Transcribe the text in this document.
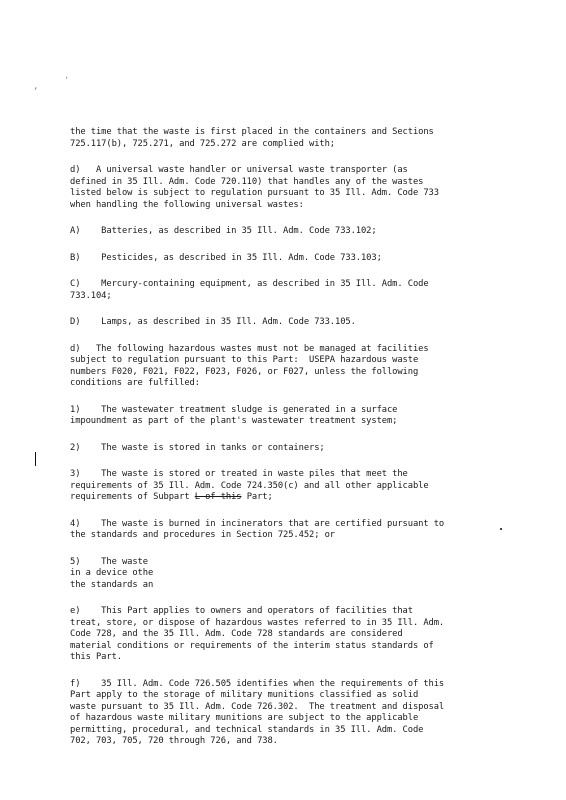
,
'
the time that the waste is first placed in the containers and Sections
725.117(b), 725.271, and 725.272 are complied with;
d)   A universal waste handler or universal waste transporter (as
defined in 35 Ill. Adm. Code 720.110) that handles any of the wastes
listed below is subject to regulation pursuant to 35 Ill. Adm. Code 733
when handling the following universal wastes:
A)    Batteries, as described in 35 Ill. Adm. Code 733.102;
B)    Pesticides, as described in 35 Ill. Adm. Code 733.103;
C)    Mercury-containing equipment, as described in 35 Ill. Adm. Code
733.104;
D)    Lamps, as described in 35 Ill. Adm. Code 733.105.
d)   The following hazardous wastes must not be managed at facilities
subject to regulation pursuant to this Part:  USEPA hazardous waste
numbers F020, F021, F022, F023, F026, or F027, unless the following
conditions are fulfilled:
1)    The wastewater treatment sludge is generated in a surface
impoundment as part of the plant's wastewater treatment system;
2)    The waste is stored in tanks or containers;
3)    The waste is stored or treated in waste piles that meet the
requirements of 35 Ill. Adm. Code 724.350(c) and all other applicable
requirements of Subpart L of this Part;
4)    The waste is burned in incinerators that are certified pursuant to
the standards and procedures in Section 725.452; or
5)    The waste
in a device othe
the standards an
e)    This Part applies to owners and operators of facilities that
treat, store, or dispose of hazardous wastes referred to in 35 Ill. Adm.
Code 728, and the 35 Ill. Adm. Code 728 standards are considered
material conditions or requirements of the interim status standards of
this Part.
f)    35 Ill. Adm. Code 726.505 identifies when the requirements of this
Part apply to the storage of military munitions classified as solid
waste pursuant to 35 Ill. Adm. Code 726.302.  The treatment and disposal
of hazardous waste military munitions are subject to the applicable
permitting, procedural, and technical standards in 35 Ill. Adm. Code
702, 703, 705, 720 through 726, and 738.
